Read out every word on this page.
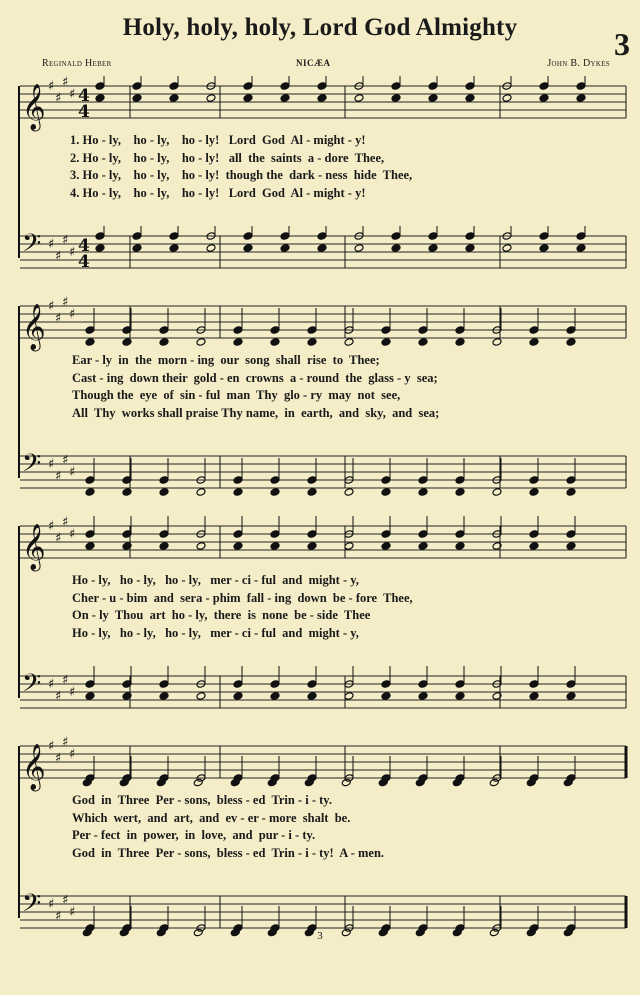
Holy, holy, holy, Lord God Almighty	3
Reginald Heber	NICÆA	John B. Dykes
𝄞 ♯
♯
♯
♯ 4
4
1. Ho - ly,    ho - ly,    ho - ly!   Lord  God  Al - might - y!
2. Ho - ly,    ho - ly,    ho - ly!   all  the  saints  a - dore  Thee,
3. Ho - ly,    ho - ly,    ho - ly!  though the  dark - ness  hide  Thee,
4. Ho - ly,    ho - ly,    ho - ly!   Lord  God  Al - might - y!
𝄢 ♯
♯
♯
♯ 4
4
𝄞 ♯
♯
♯
♯
Ear - ly  in  the  morn - ing  our  song  shall  rise  to  Thee;
Cast - ing  down their  gold - en  crowns  a - round  the  glass - y  sea;
Though the  eye  of  sin - ful  man  Thy  glo - ry  may  not  see,
All  Thy  works shall praise Thy name,  in  earth,  and  sky,  and  sea;
𝄢 ♯
♯
♯
♯
𝄞 ♯
♯
♯
♯
Ho - ly,   ho - ly,   ho - ly,   mer - ci - ful  and  might - y,
Cher - u - bim  and  sera - phim  fall - ing  down  be - fore  Thee,
On - ly  Thou  art  ho - ly,  there  is  none  be - side  Thee
Ho - ly,   ho - ly,   ho - ly,   mer - ci - ful  and  might - y,
𝄢 ♯
♯
♯
♯
𝄞 ♯
♯
♯
♯
God  in  Three  Per - sons,  bless - ed  Trin - i - ty.
Which  wert,  and  art,  and  ev - er - more  shalt  be.
Per - fect  in  power,  in  love,  and  pur - i - ty.
God  in  Three  Per - sons,  bless - ed  Trin - i - ty!  A - men.
𝄢 ♯
♯
♯
♯
3
